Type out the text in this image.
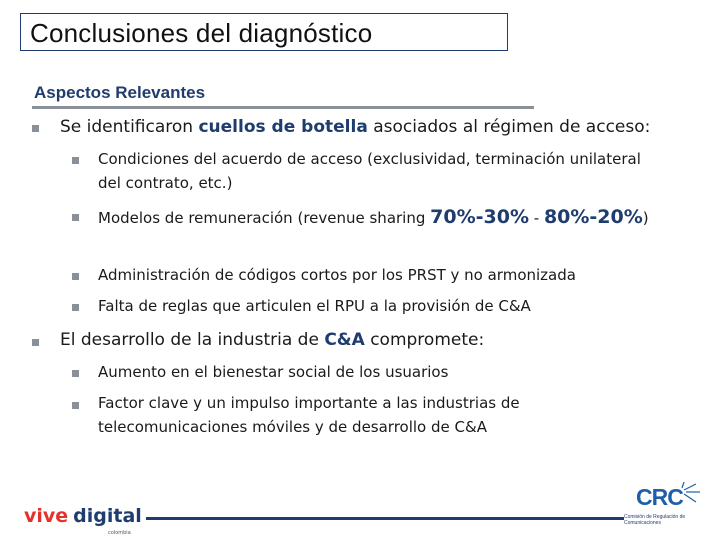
Conclusiones del diagnóstico
Aspectos Relevantes
Se identificaron cuellos de botella asociados al régimen de acceso:
Condiciones del acuerdo de acceso (exclusividad, terminación unilateral del contrato, etc.)
Modelos de remuneración (revenue sharing 70%-30% - 80%-20%)
Administración de códigos cortos por los PRST y no armonizada
Falta de reglas que articulen el RPU a la provisión de C&A
El desarrollo de la industria de C&A compromete:
Aumento en el bienestar social de los usuarios
Factor clave y un impulso importante a las industrias de telecomunicaciones móviles y de desarrollo de C&A
vive digital
colombia
CRC
Comisión de Regulación de Comunicaciones
